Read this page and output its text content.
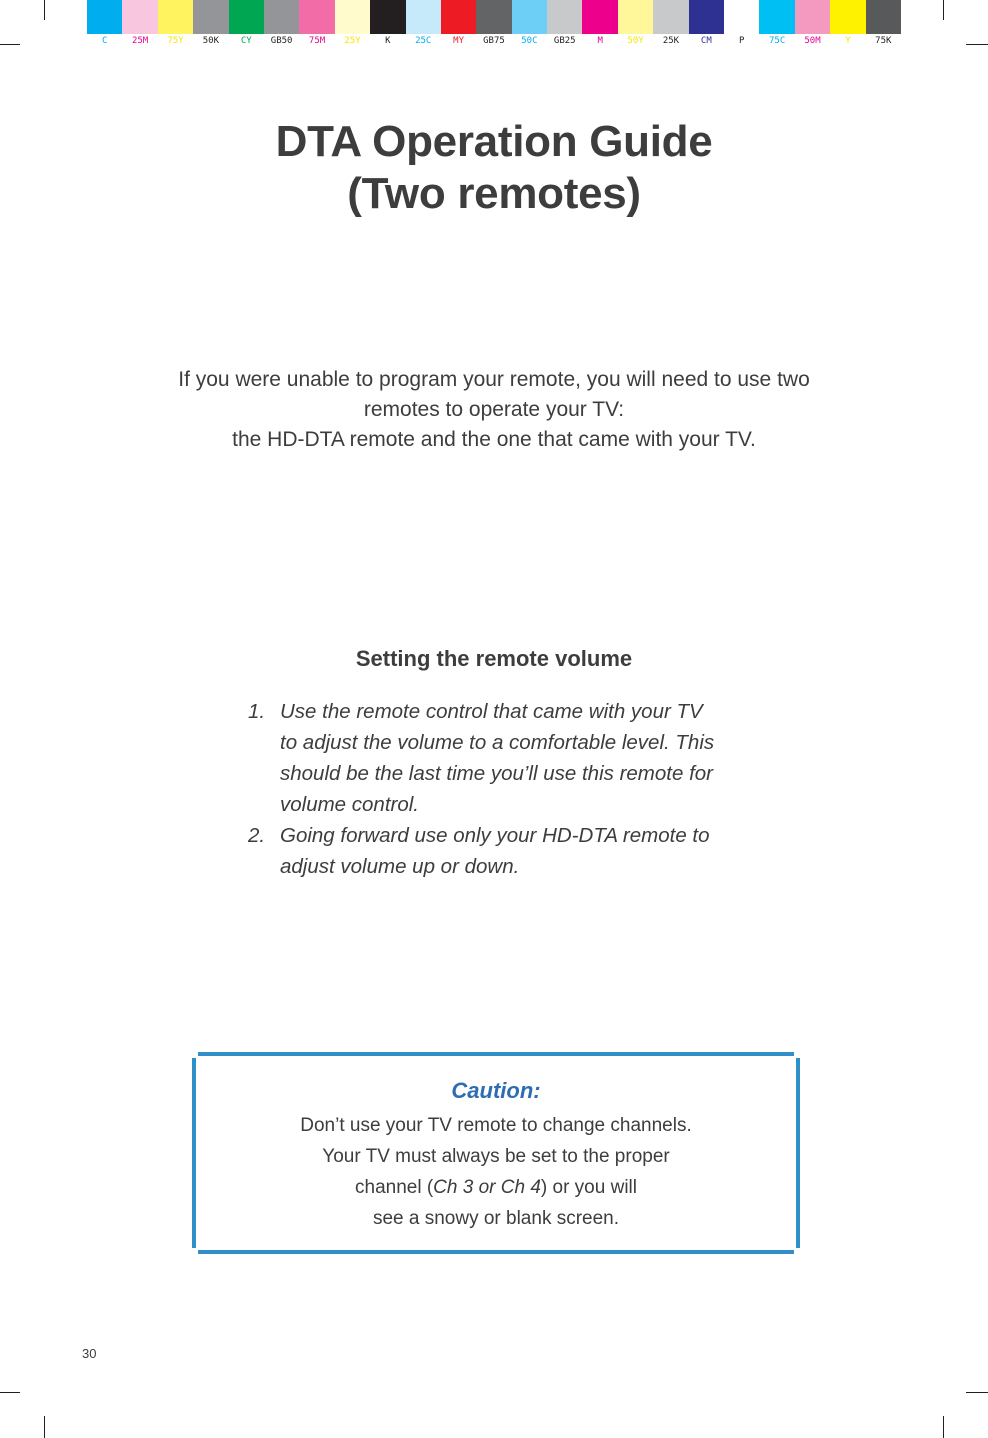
C	25M	75Y	50K	CY	GB50	75M	25Y	K	25C	MY	GB75	50C	GB25	M	50Y	25K	CM	P	75C	50M	Y	75K
DTA Operation Guide
(Two remotes)
If you were unable to program your remote, you will need to use two
remotes to operate your TV:
the HD-DTA remote and the one that came with your TV.
Setting the remote volume
1. Use the remote control that came with your TV
to adjust the volume to a comfortable level. This
should be the last time you’ll use this remote for
volume control.
2. Going forward use only your HD-DTA remote to
adjust volume up or down.
Caution:
Don’t use your TV remote to change channels.
Your TV must always be set to the proper
channel (Ch 3 or Ch 4) or you will
see a snowy or blank screen.
30
